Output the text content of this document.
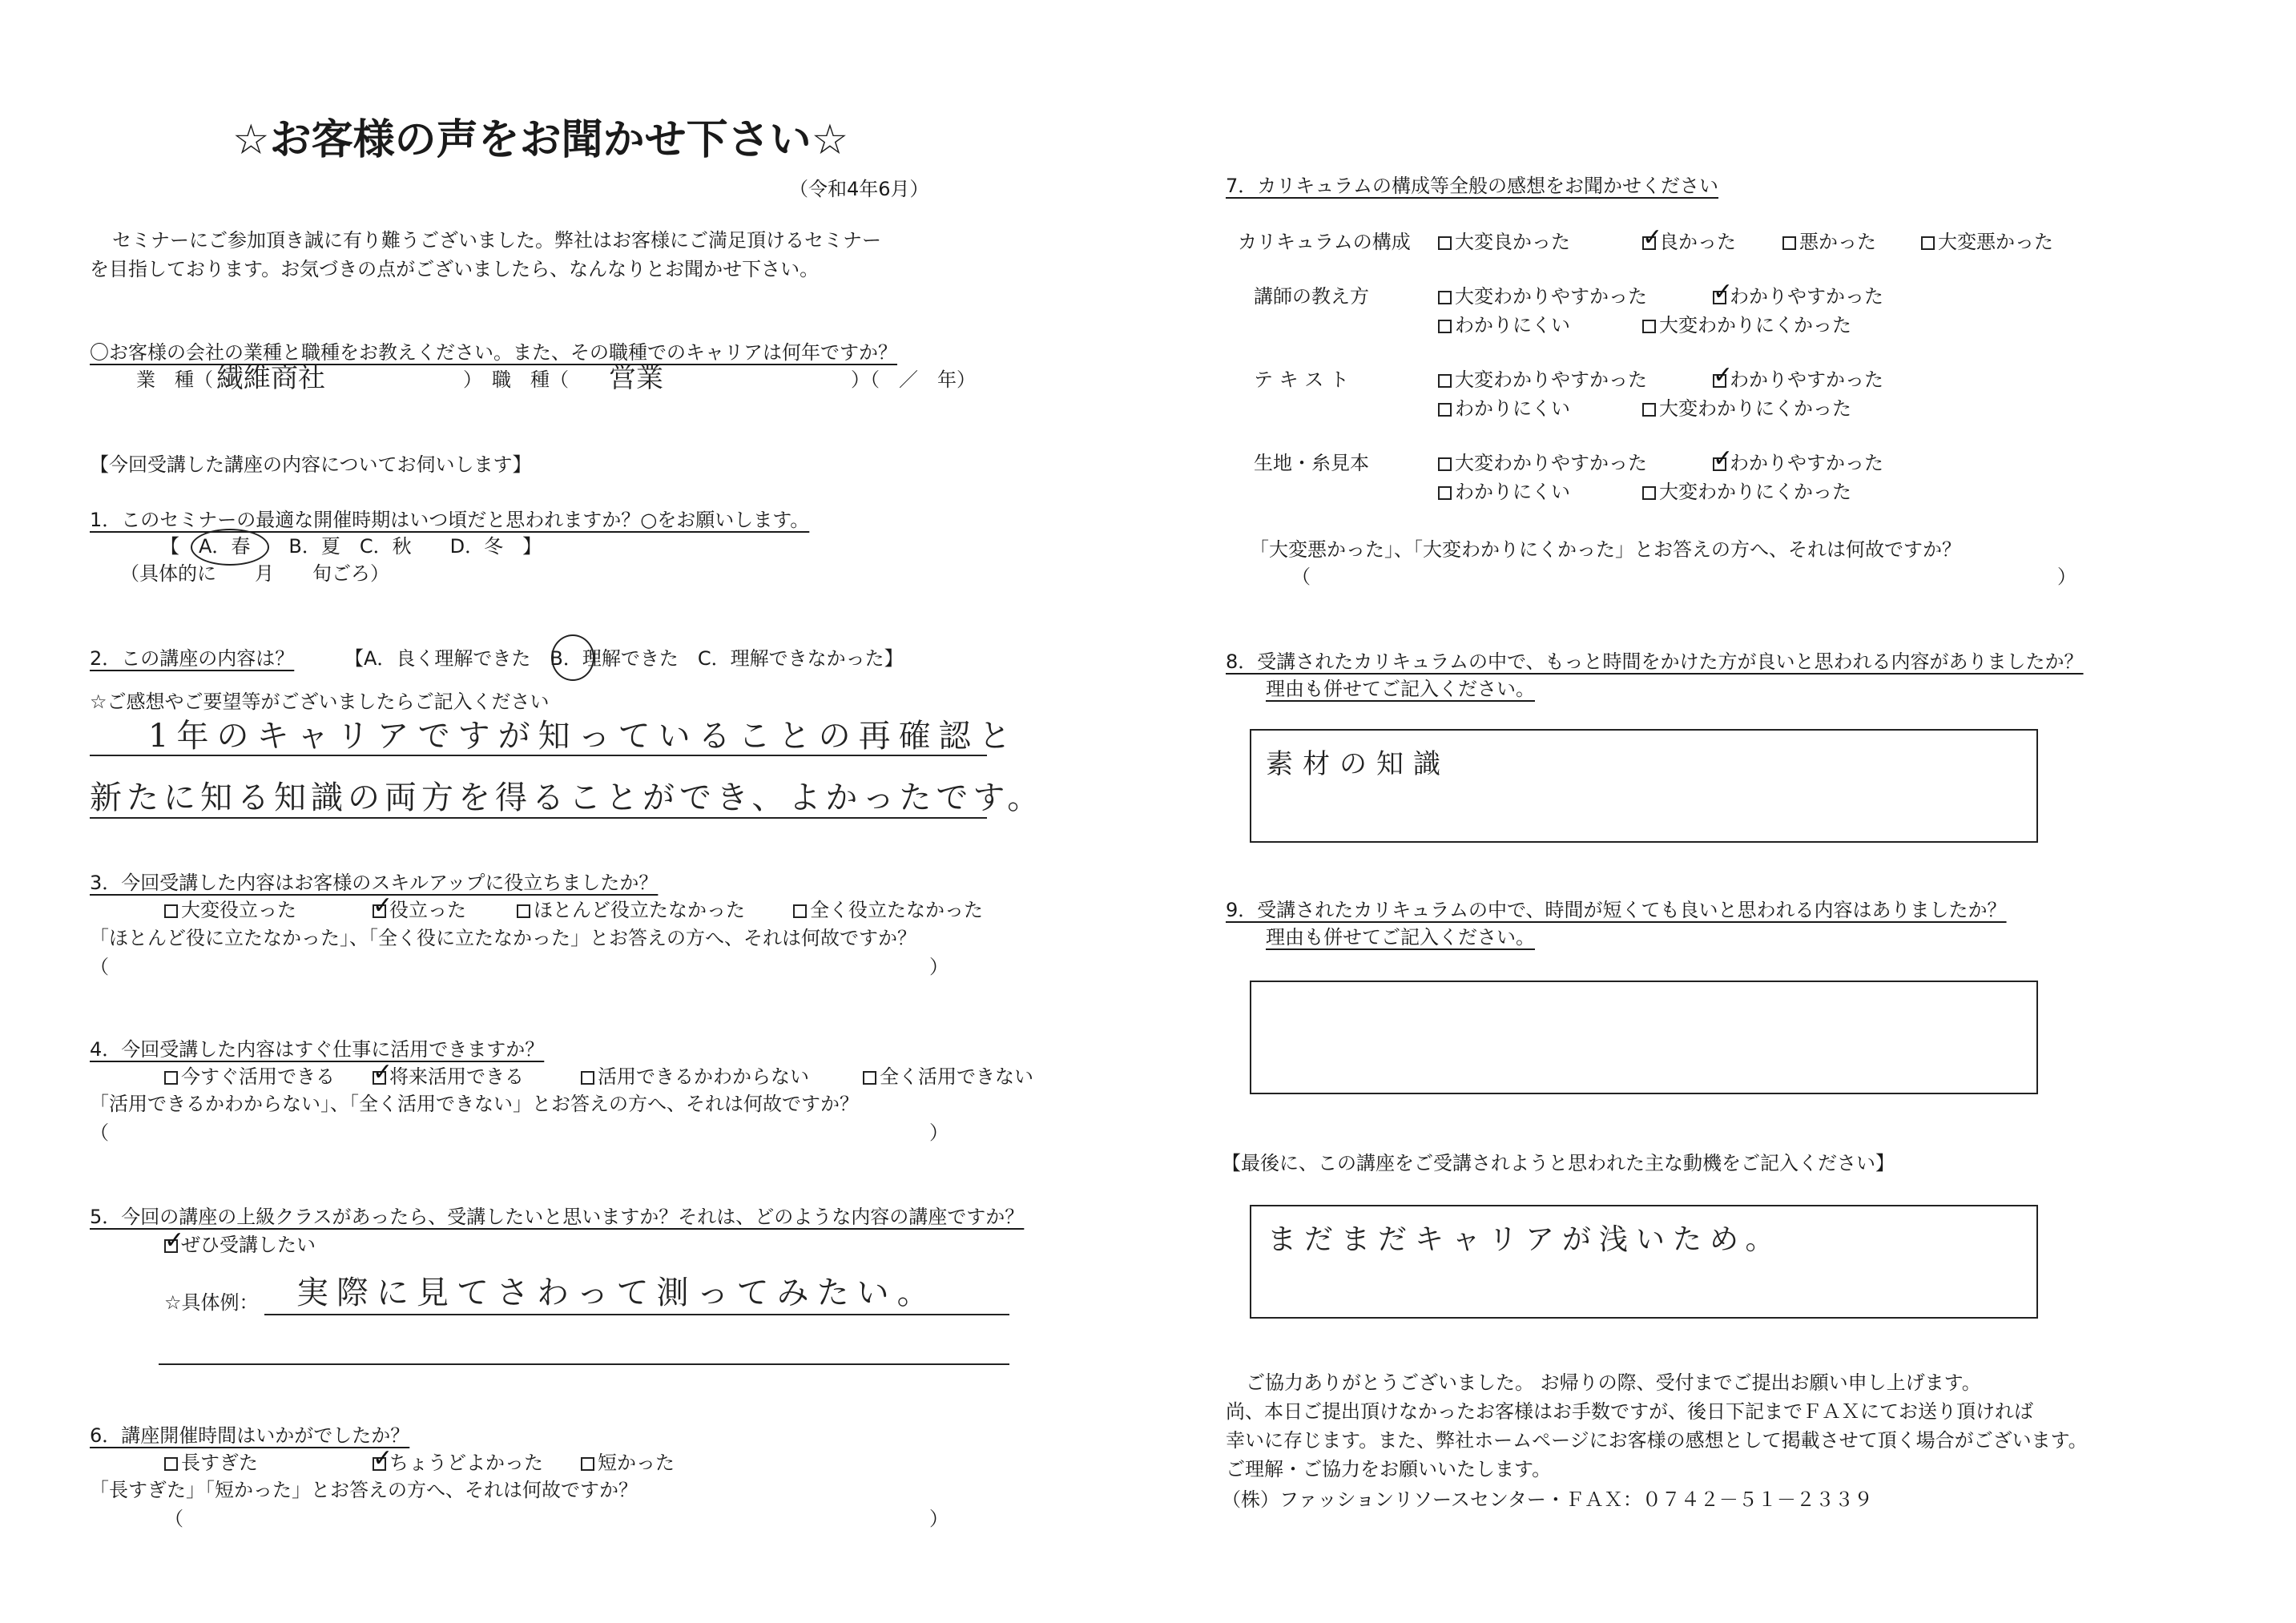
☆お客様の声をお聞かせ下さい☆
（令和4年6月）
セミナーにご参加頂き誠に有り難うございました。弊社はお客様にご満足頂けるセミナー
を目指しております。お気づきの点がございましたら、なんなりとお聞かせ下さい。
〇お客様の会社の業種と職種をお教えください。また、その職種でのキャリアは何年ですか？
業　種（ 繊維商社	）　職　種（ 営業	）（　／　年）
【今回受講した講座の内容についてお伺いします】
1．このセミナーの最適な開催時期はいつ頃だと思われますか？○をお願いします。
【　A．春　　B．夏　C．秋　　D．冬　】
（具体的に　　月　　旬ごろ）
2．この講座の内容は？	【A．良く理解できた　B．理解できた　C．理解できなかった】
☆ご感想やご要望等がございましたらご記入ください
1年のキャリアですが知っていることの再確認と
新たに知る知識の両方を得ることができ、よかったです。
3．今回受講した内容はお客様のスキルアップに役立ちましたか？
大変役立った ✓	役立った	ほとんど役立たなかった	全く役立たなかった
「ほとんど役に立たなかった」、「全く役に立たなかった」とお答えの方へ、それは何故ですか？
（	）
4．今回受講した内容はすぐ仕事に活用できますか？
今すぐ活用できる ✓	将来活用できる	活用できるかわからない	全く活用できない
「活用できるかわからない」、「全く活用できない」とお答えの方へ、それは何故ですか？
（	）
5．今回の講座の上級クラスがあったら、受講したいと思いますか？それは、どのような内容の講座ですか？
✓ぜひ受講したい
☆具体例： 実際に見てさわって測ってみたい。
6．講座開催時間はいかがでしたか？
長すぎた ✓	ちょうどよかった	短かった
「長すぎた」「短かった」とお答えの方へ、それは何故ですか？
（	）
7．カリキュラムの構成等全般の感想をお聞かせください
カリキュラムの構成	大変良かった ✓	良かった	悪かった	大変悪かった
講師の教え方	大変わかりやすかった ✓	わかりやすかった
わかりにくい	大変わかりにくかった
テ キ ス ト	大変わかりやすかった ✓	わかりやすかった
わかりにくい	大変わかりにくかった
生地・糸見本	大変わかりやすかった ✓	わかりやすかった
わかりにくい	大変わかりにくかった
「大変悪かった」、「大変わかりにくかった」とお答えの方へ、それは何故ですか？
（	）
8．受講されたカリキュラムの中で、もっと時間をかけた方が良いと思われる内容がありましたか？
理由も併せてご記入ください。
素材の知識
9．受講されたカリキュラムの中で、時間が短くても良いと思われる内容はありましたか？
理由も併せてご記入ください。
【最後に、この講座をご受講されようと思われた主な動機をご記入ください】
まだまだキャリアが浅いため。
ご協力ありがとうございました。 お帰りの際、受付までご提出お願い申し上げます。
尚、本日ご提出頂けなかったお客様はお手数ですが、後日下記までＦＡＸにてお送り頂ければ
幸いに存じます。また、弊社ホームページにお客様の感想として掲載させて頂く場合がございます。
ご理解・ご協力をお願いいたします。
（株）ファッションリソースセンター・ＦＡＸ：０７４２－５１－２３３９
